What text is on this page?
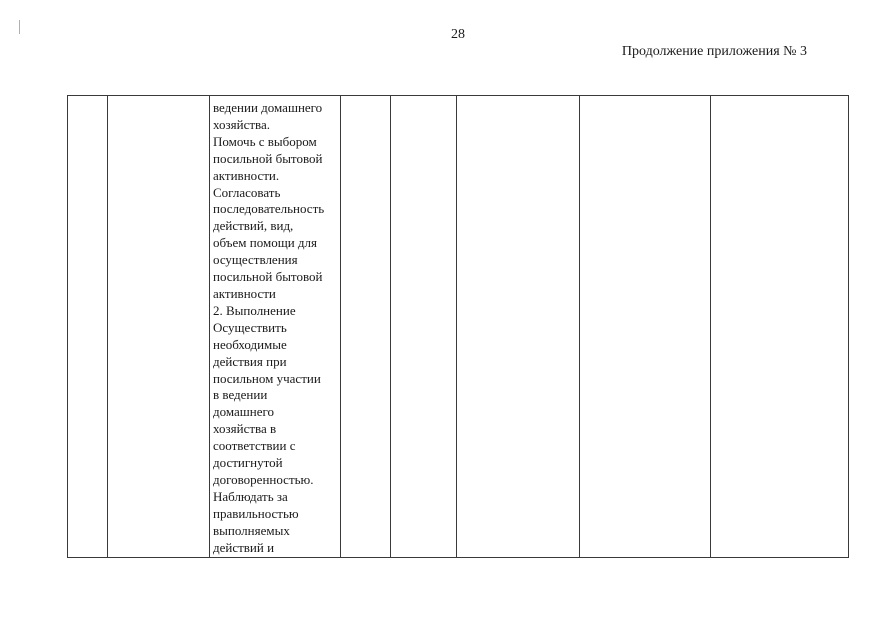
28
Продолжение приложения № 3

ведении домашнего
хозяйства.
Помочь с выбором
посильной бытовой
активности.
Согласовать
последовательность
действий, вид,
объем помощи для
осуществления
посильной бытовой
активности
2. Выполнение
Осуществить
необходимые
действия при
посильном участии
в ведении
домашнего
хозяйства в
соответствии с
достигнутой
договоренностью.
Наблюдать за
правильностью
выполняемых
действий и
